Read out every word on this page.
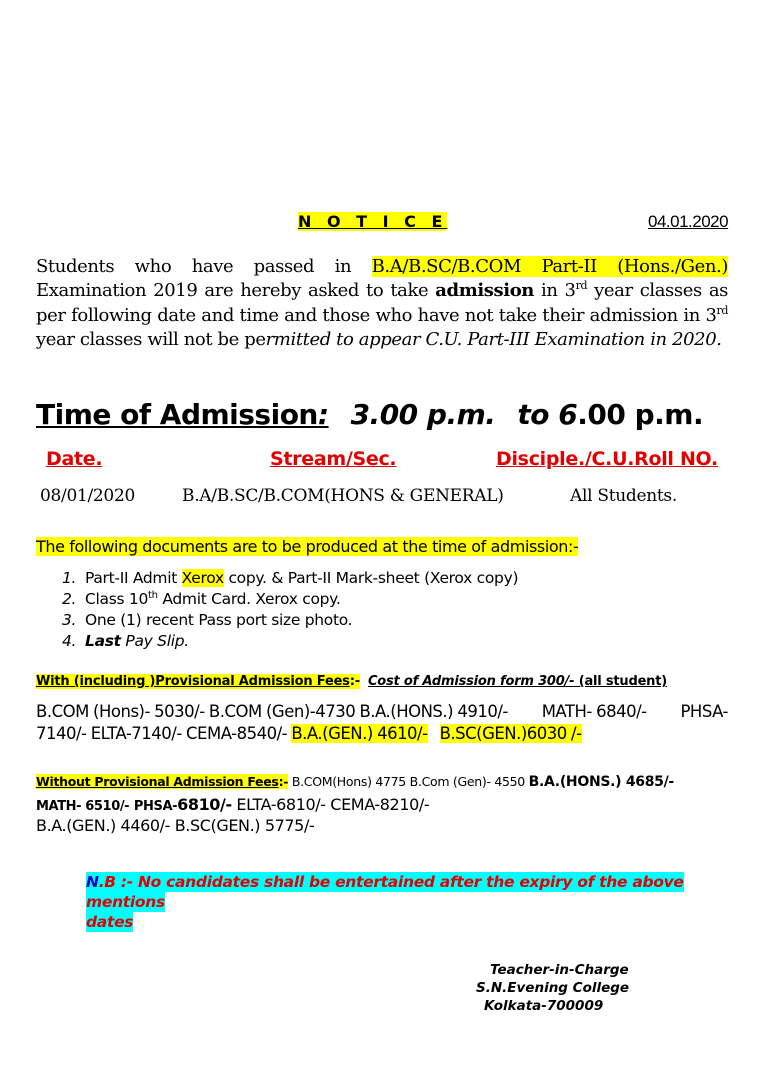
N O T I C E	04.01.2020
Students who have passed in B.A/B.SC/B.COM Part-II (Hons./Gen.) Examination 2019 are hereby asked to take admission in 3rd year classes as per following date and time and those who have not take their admission in 3rd year classes will not be permitted to appear C.U. Part-III Examination in 2020.
Time of Admission: 3.00 p.m. to 6.00 p.m.
Date.	Stream/Sec.	Disciple./C.U.Roll NO.
08/01/2020	B.A/B.SC/B.COM(HONS & GENERAL)	All Students.
The following documents are to be produced at the time of admission:-
1. Part-II Admit Xerox copy. & Part-II Mark-sheet (Xerox copy)
2. Class 10th Admit Card. Xerox copy.
3. One (1) recent Pass port size photo.
4. Last Pay Slip.
With (including )Provisional Admission Fees:- Cost of Admission form 300/- (all student)
B.COM (Hons)- 5030/- B.COM (Gen)-4730 B.A.(HONS.) 4910/- MATH- 6840/- PHSA-
7140/- ELTA-7140/- CEMA-8540/- B.A.(GEN.) 4610/- B.SC(GEN.)6030 /-
Without Provisional Admission Fees:- B.COM(Hons) 4775 B.Com (Gen)- 4550 B.A.(HONS.) 4685/-
MATH- 6510/- PHSA-6810/- ELTA-6810/- CEMA-8210/-
B.A.(GEN.) 4460/- B.SC(GEN.) 5775/-
N.B :- No candidates shall be entertained after the expiry of the above mentions
dates
Teacher-in-Charge
S.N.Evening College
Kolkata-700009
